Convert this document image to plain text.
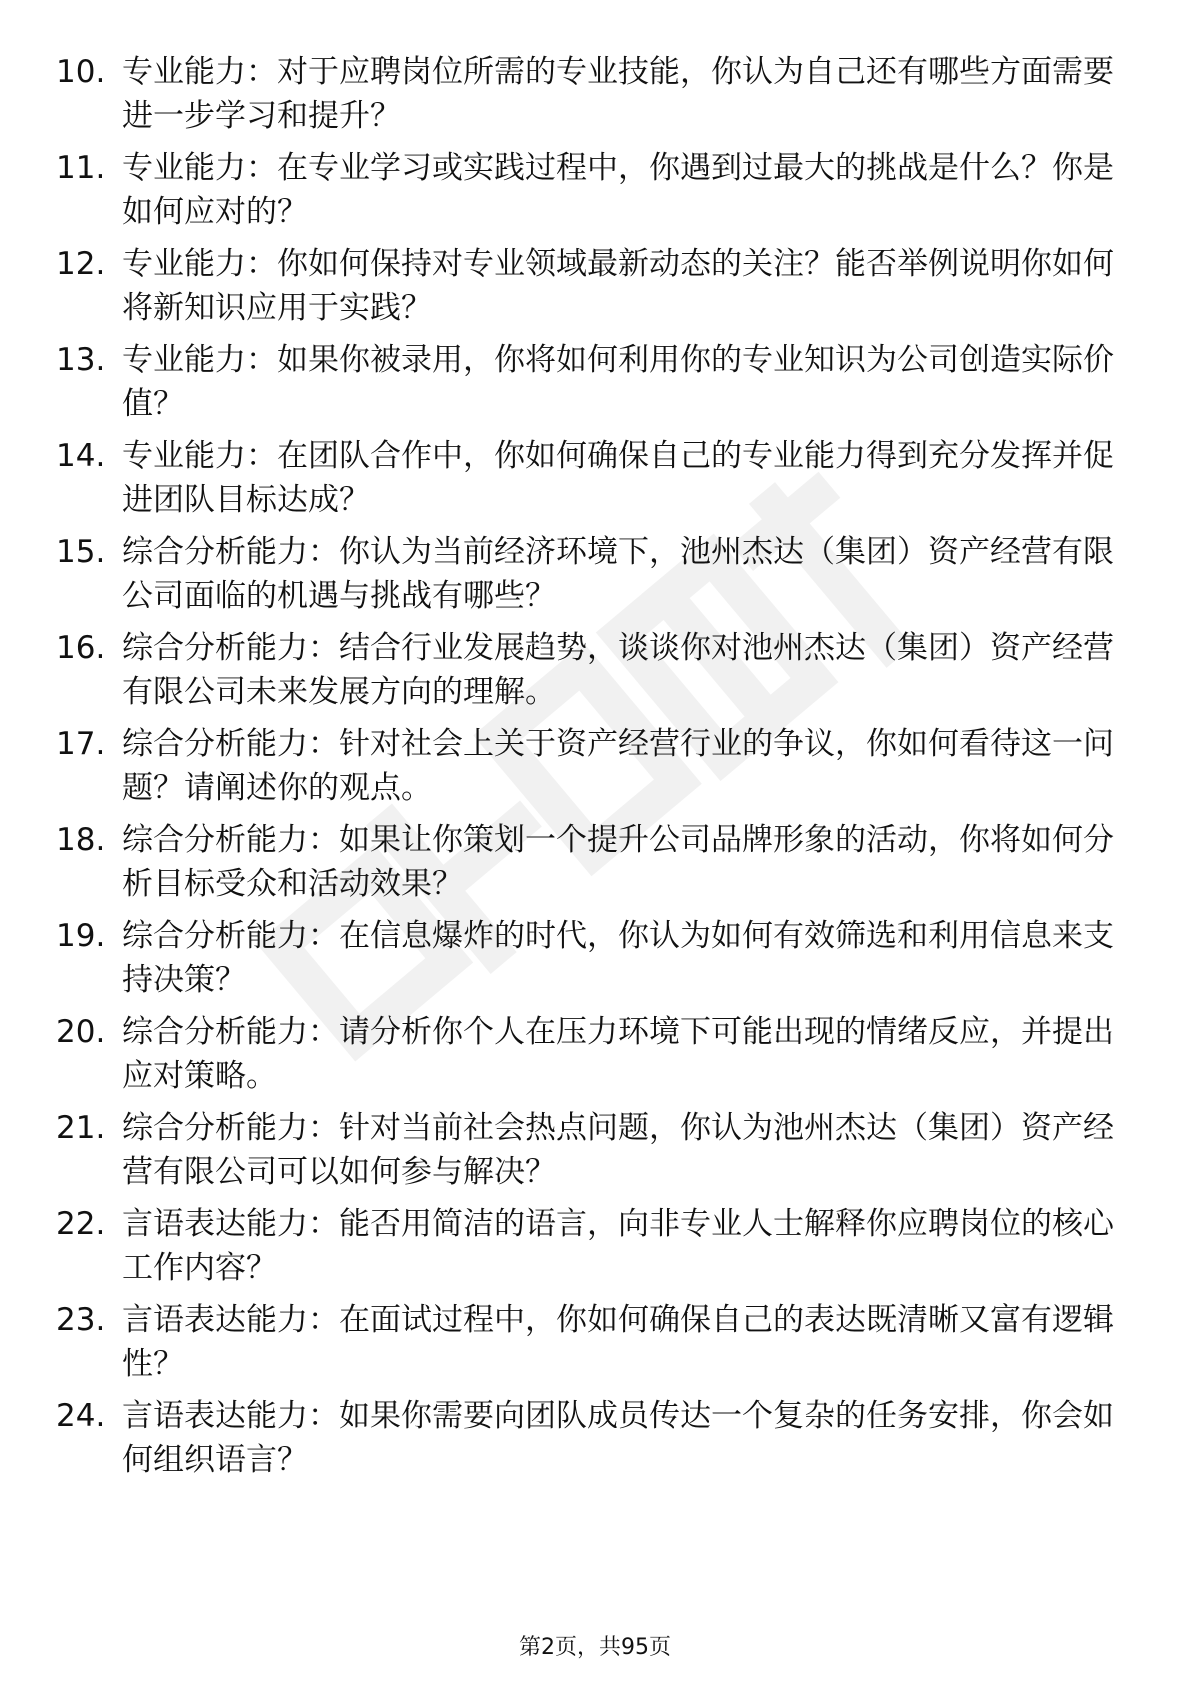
10. 专业能力：对于应聘岗位所需的专业技能，你认为自己还有哪些方面需要进一步学习和提升？
11. 专业能力：在专业学习或实践过程中，你遇到过最大的挑战是什么？你是如何应对的？
12. 专业能力：你如何保持对专业领域最新动态的关注？能否举例说明你如何将新知识应用于实践？
13. 专业能力：如果你被录用，你将如何利用你的专业知识为公司创造实际价值？
14. 专业能力：在团队合作中，你如何确保自己的专业能力得到充分发挥并促进团队目标达成？
15. 综合分析能力：你认为当前经济环境下，池州杰达（集团）资产经营有限公司面临的机遇与挑战有哪些？
16. 综合分析能力：结合行业发展趋势，谈谈你对池州杰达（集团）资产经营有限公司未来发展方向的理解。
17. 综合分析能力：针对社会上关于资产经营行业的争议，你如何看待这一问题？请阐述你的观点。
18. 综合分析能力：如果让你策划一个提升公司品牌形象的活动，你将如何分析目标受众和活动效果？
19. 综合分析能力：在信息爆炸的时代，你认为如何有效筛选和利用信息来支持决策？
20. 综合分析能力：请分析你个人在压力环境下可能出现的情绪反应，并提出应对策略。
21. 综合分析能力：针对当前社会热点问题，你认为池州杰达（集团）资产经营有限公司可以如何参与解决？
22. 言语表达能力：能否用简洁的语言，向非专业人士解释你应聘岗位的核心工作内容？
23. 言语表达能力：在面试过程中，你如何确保自己的表达既清晰又富有逻辑性？
24. 言语表达能力：如果你需要向团队成员传达一个复杂的任务安排，你会如何组织语言？
第2页，共95页
